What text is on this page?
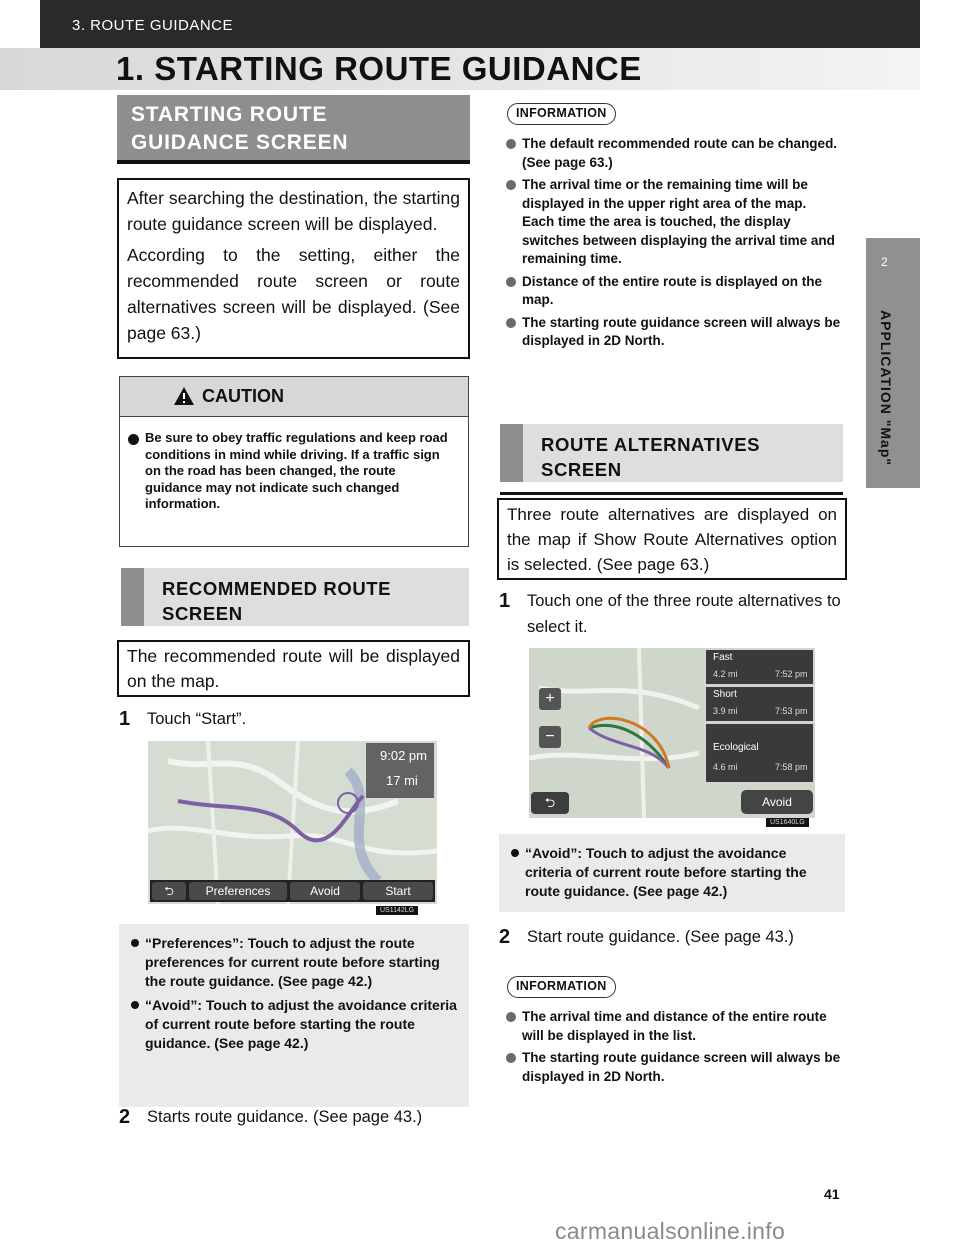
3. ROUTE GUIDANCE
1. STARTING ROUTE GUIDANCE
2
APPLICATION "Map"
STARTING ROUTE
GUIDANCE SCREEN

After searching the destination, the starting route guidance screen will be displayed.

According to the setting, either the recommended route screen or route alternatives screen will be displayed. (See page 63.)

CAUTION
Be sure to obey traffic regulations and keep road conditions in mind while driving. If a traffic sign on the road has been changed, the route guidance may not indicate such changed information.
RECOMMENDED ROUTE
SCREEN

The recommended route will be displayed on the map.

1	Touch “Start”.
9:02 pm
17 mi
⮌	Preferences	Avoid	Start
US1142LG
“Preferences”: Touch to adjust the route preferences for current route before starting the route guidance. (See page 42.)
“Avoid”: Touch to adjust the avoidance criteria of current route before starting the route guidance. (See page 42.)
2	Starts route guidance. (See page 43.)
INFORMATION
The default recommended route can be changed. (See page 63.)
The arrival time or the remaining time will be displayed in the upper right area of the map. Each time the area is touched, the display switches between displaying the arrival time and remaining time.
Distance of the entire route is displayed on the map.
The starting route guidance screen will always be displayed in 2D North.
ROUTE ALTERNATIVES
SCREEN

Three route alternatives are displayed on the map if Show Route Alternatives option is selected. (See page 63.)

1	Touch one of the three route alternatives to select it.
+
−
⮌
Fast
4.2 mi	7:52 pm
Short
3.9 mi	7:53 pm
Ecological
4.6 mi	7:58 pm
Avoid
US1640LG
“Avoid”: Touch to adjust the avoidance criteria of current route before starting the route guidance. (See page 42.)
2	Start route guidance. (See page 43.)
INFORMATION
The arrival time and distance of the entire route will be displayed in the list.
The starting route guidance screen will always be displayed in 2D North.
41
carmanualsonline.info
